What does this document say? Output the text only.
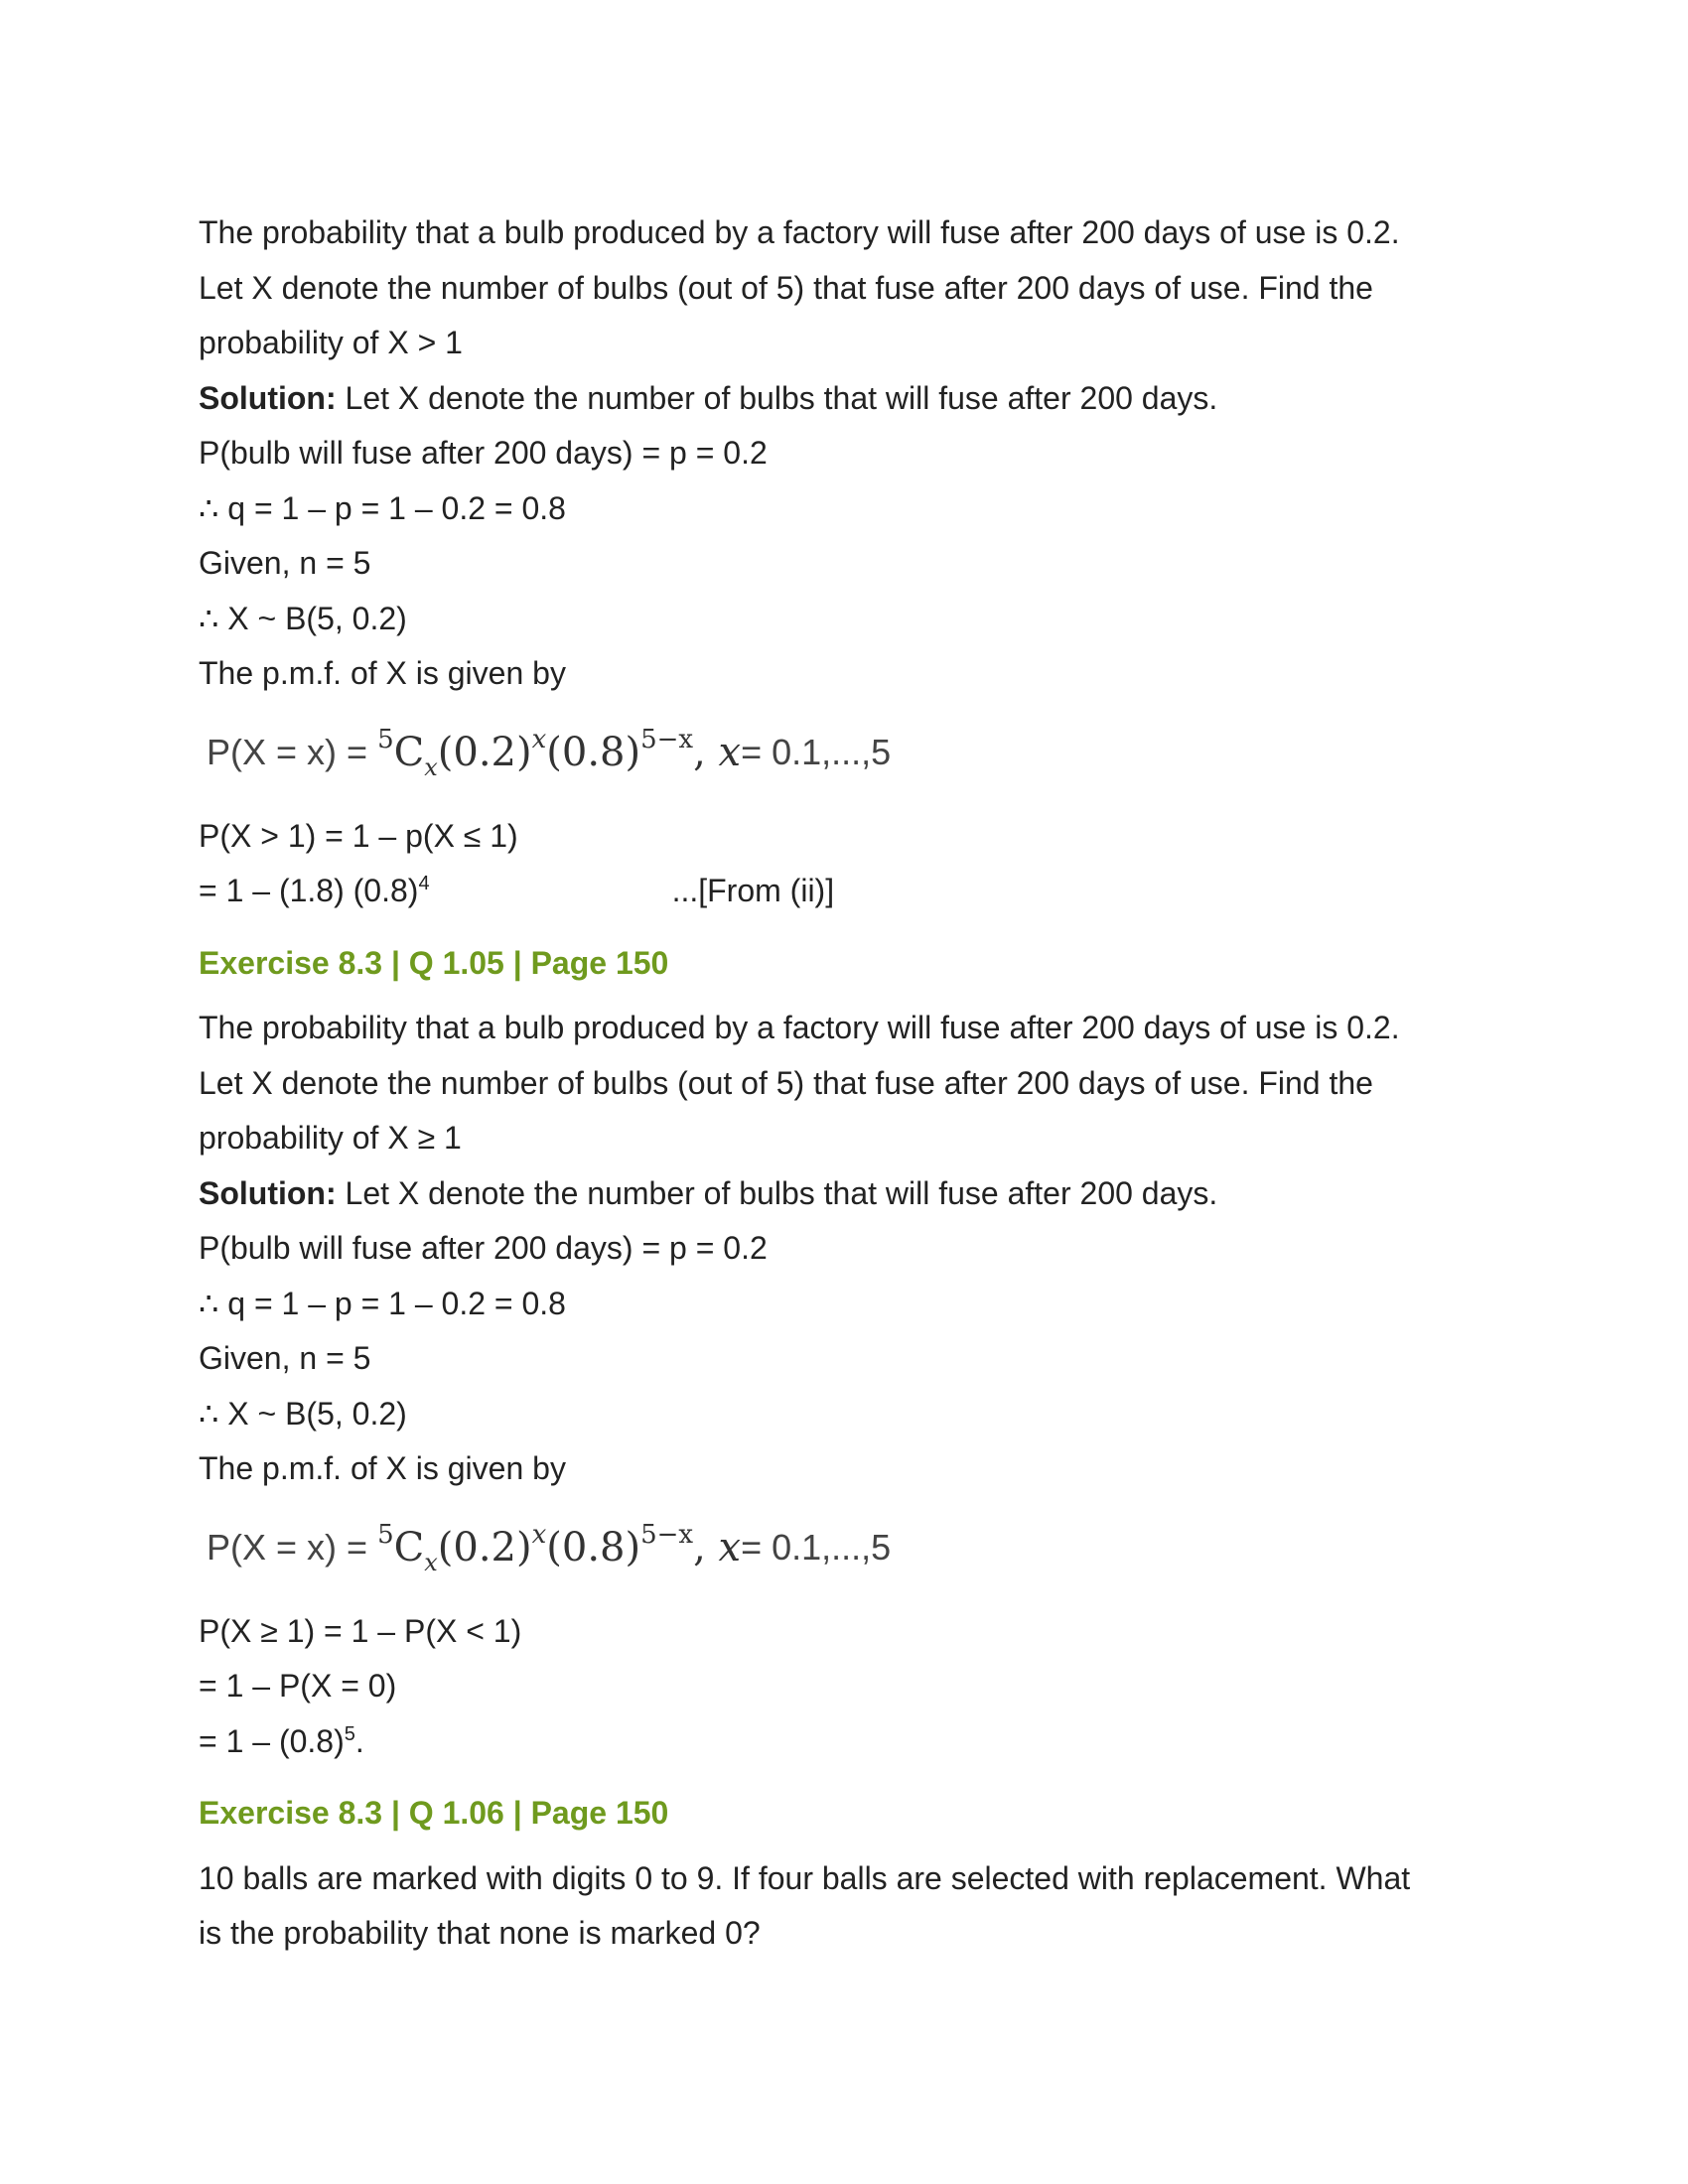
The probability that a bulb produced by a factory will fuse after 200 days of use is 0.2.

Let X denote the number of bulbs (out of 5) that fuse after 200 days of use. Find the

probability of X > 1

Solution: Let X denote the number of bulbs that will fuse after 200 days.

P(bulb will fuse after 200 days) = p = 0.2

∴ q = 1 – p = 1 – 0.2 = 0.8

Given, n = 5

∴ X ~ B(5, 0.2)

The p.m.f. of X is given by

$P(X = x) = ^5C_x(0.2)^x(0.8)^{5-x}$, x = 0.1,...,5

P(X > 1) = 1 – p(X ≤ 1)

= 1 – (1.8) $(0.8)^4$	...[From (ii)]

Exercise 8.3 | Q 1.05 | Page 150

The probability that a bulb produced by a factory will fuse after 200 days of use is 0.2.

Let X denote the number of bulbs (out of 5) that fuse after 200 days of use. Find the

probability of X ≥ 1

Solution: Let X denote the number of bulbs that will fuse after 200 days.

P(bulb will fuse after 200 days) = p = 0.2

∴ q = 1 – p = 1 – 0.2 = 0.8

Given, n = 5

∴ X ~ B(5, 0.2)

The p.m.f. of X is given by

$P(X = x) = ^5C_x(0.2)^x(0.8)^{5-x}$, x = 0.1,...,5

P(X ≥ 1) = 1 – P(X < 1)

= 1 – P(X = 0)

= $1 - (0.8)^5$.

Exercise 8.3 | Q 1.06 | Page 150

10 balls are marked with digits 0 to 9. If four balls are selected with replacement. What

is the probability that none is marked 0?
